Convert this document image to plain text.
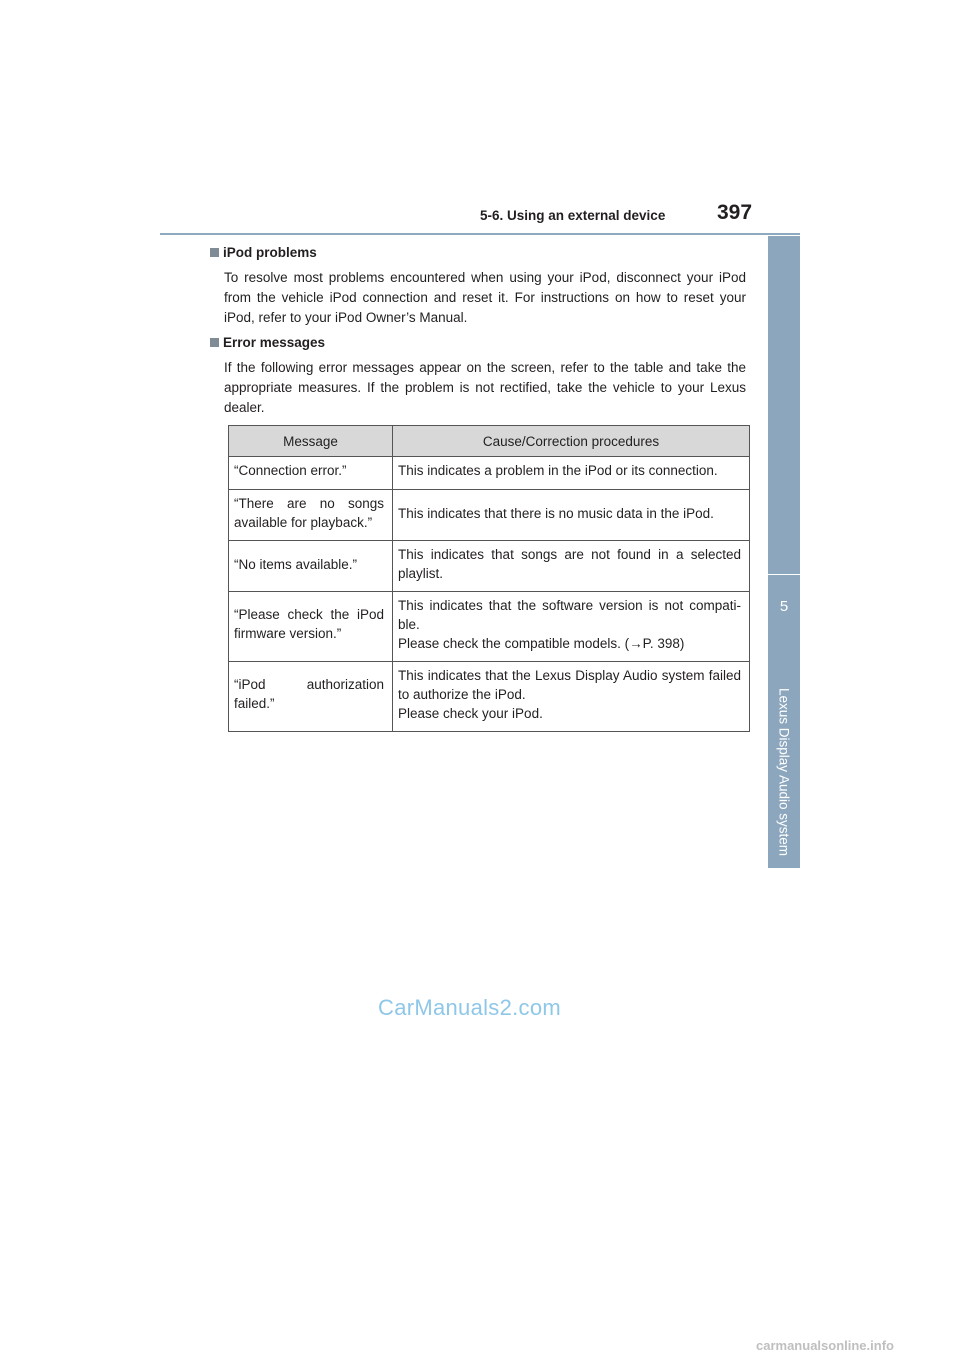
5-6. Using an external device	397
5
Lexus Display Audio system
iPod problems

To resolve most problems encountered when using your iPod, disconnect your iPod from the vehicle iPod connection and reset it. For instructions on how to reset your iPod, refer to your iPod Owner’s Manual.

Error messages

If the following error messages appear on the screen, refer to the table and take the appropriate measures. If the problem is not rectified, take the vehicle to your Lexus dealer.

Message	Cause/Correction procedures
“Connection error.”	This indicates a problem in the iPod or its connection.

“There are no songs available for playback.”	This indicates that there is no music data in the iPod.

“No items available.”	This indicates that songs are not found in a selected playlist.

“Please check the iPod firmware version.”	This indicates that the software version is not compati-ble.
Please check the compatible models. (→P. 398)

“iPod authorization failed.”	This indicates that the Lexus Display Audio system failed to authorize the iPod.
Please check your iPod.
CarManuals2.com
carmanualsonline.info
